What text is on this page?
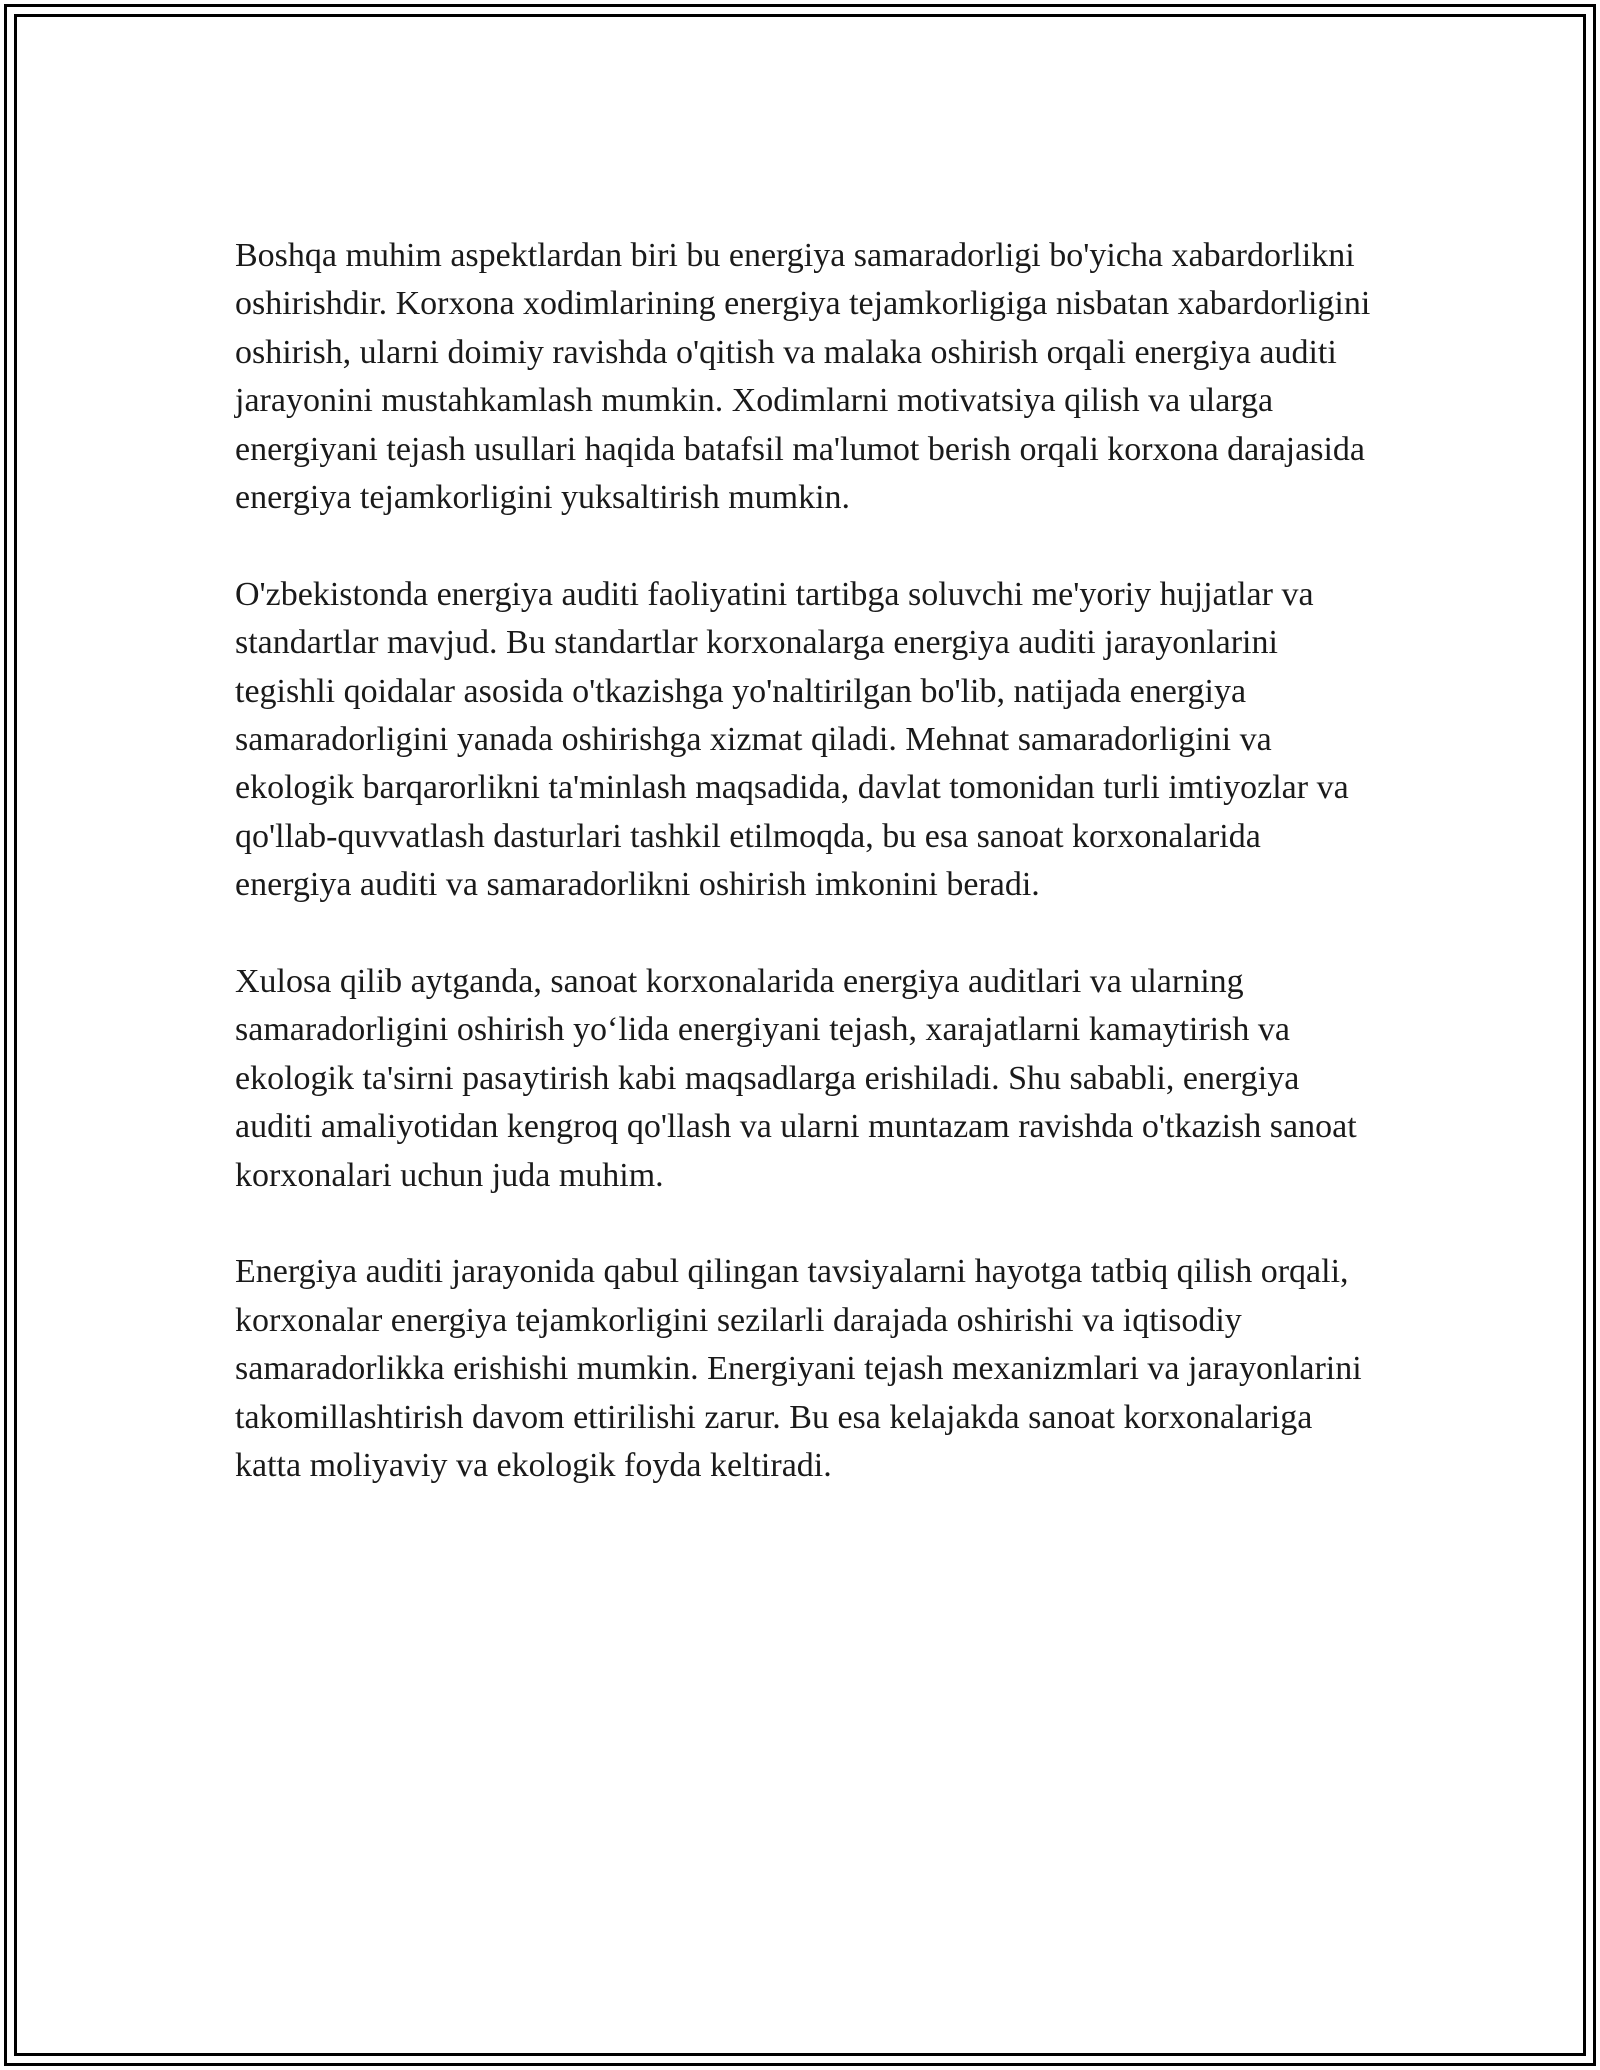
Boshqa muhim aspektlardan biri bu energiya samaradorligi bo'yicha xabardorlikni oshirishdir. Korxona xodimlarining energiya tejamkorligiga nisbatan xabardorligini oshirish, ularni doimiy ravishda o'qitish va malaka oshirish orqali energiya auditi jarayonini mustahkamlash mumkin. Xodimlarni motivatsiya qilish va ularga energiyani tejash usullari haqida batafsil ma'lumot berish orqali korxona darajasida energiya tejamkorligini yuksaltirish mumkin.

O'zbekistonda energiya auditi faoliyatini tartibga soluvchi me'yoriy hujjatlar va standartlar mavjud. Bu standartlar korxonalarga energiya auditi jarayonlarini tegishli qoidalar asosida o'tkazishga yo'naltirilgan bo'lib, natijada energiya samaradorligini yanada oshirishga xizmat qiladi. Mehnat samaradorligini va ekologik barqarorlikni ta'minlash maqsadida, davlat tomonidan turli imtiyozlar va qo'llab-quvvatlash dasturlari tashkil etilmoqda, bu esa sanoat korxonalarida energiya auditi va samaradorlikni oshirish imkonini beradi.

Xulosa qilib aytganda, sanoat korxonalarida energiya auditlari va ularning samaradorligini oshirish yo‘lida energiyani tejash, xarajatlarni kamaytirish va ekologik ta'sirni pasaytirish kabi maqsadlarga erishiladi. Shu sababli, energiya auditi amaliyotidan kengroq qo'llash va ularni muntazam ravishda o'tkazish sanoat korxonalari uchun juda muhim.

Energiya auditi jarayonida qabul qilingan tavsiyalarni hayotga tatbiq qilish orqali, korxonalar energiya tejamkorligini sezilarli darajada oshirishi va iqtisodiy samaradorlikka erishishi mumkin. Energiyani tejash mexanizmlari va jarayonlarini takomillashtirish davom ettirilishi zarur. Bu esa kelajakda sanoat korxonalariga katta moliyaviy va ekologik foyda keltiradi.
